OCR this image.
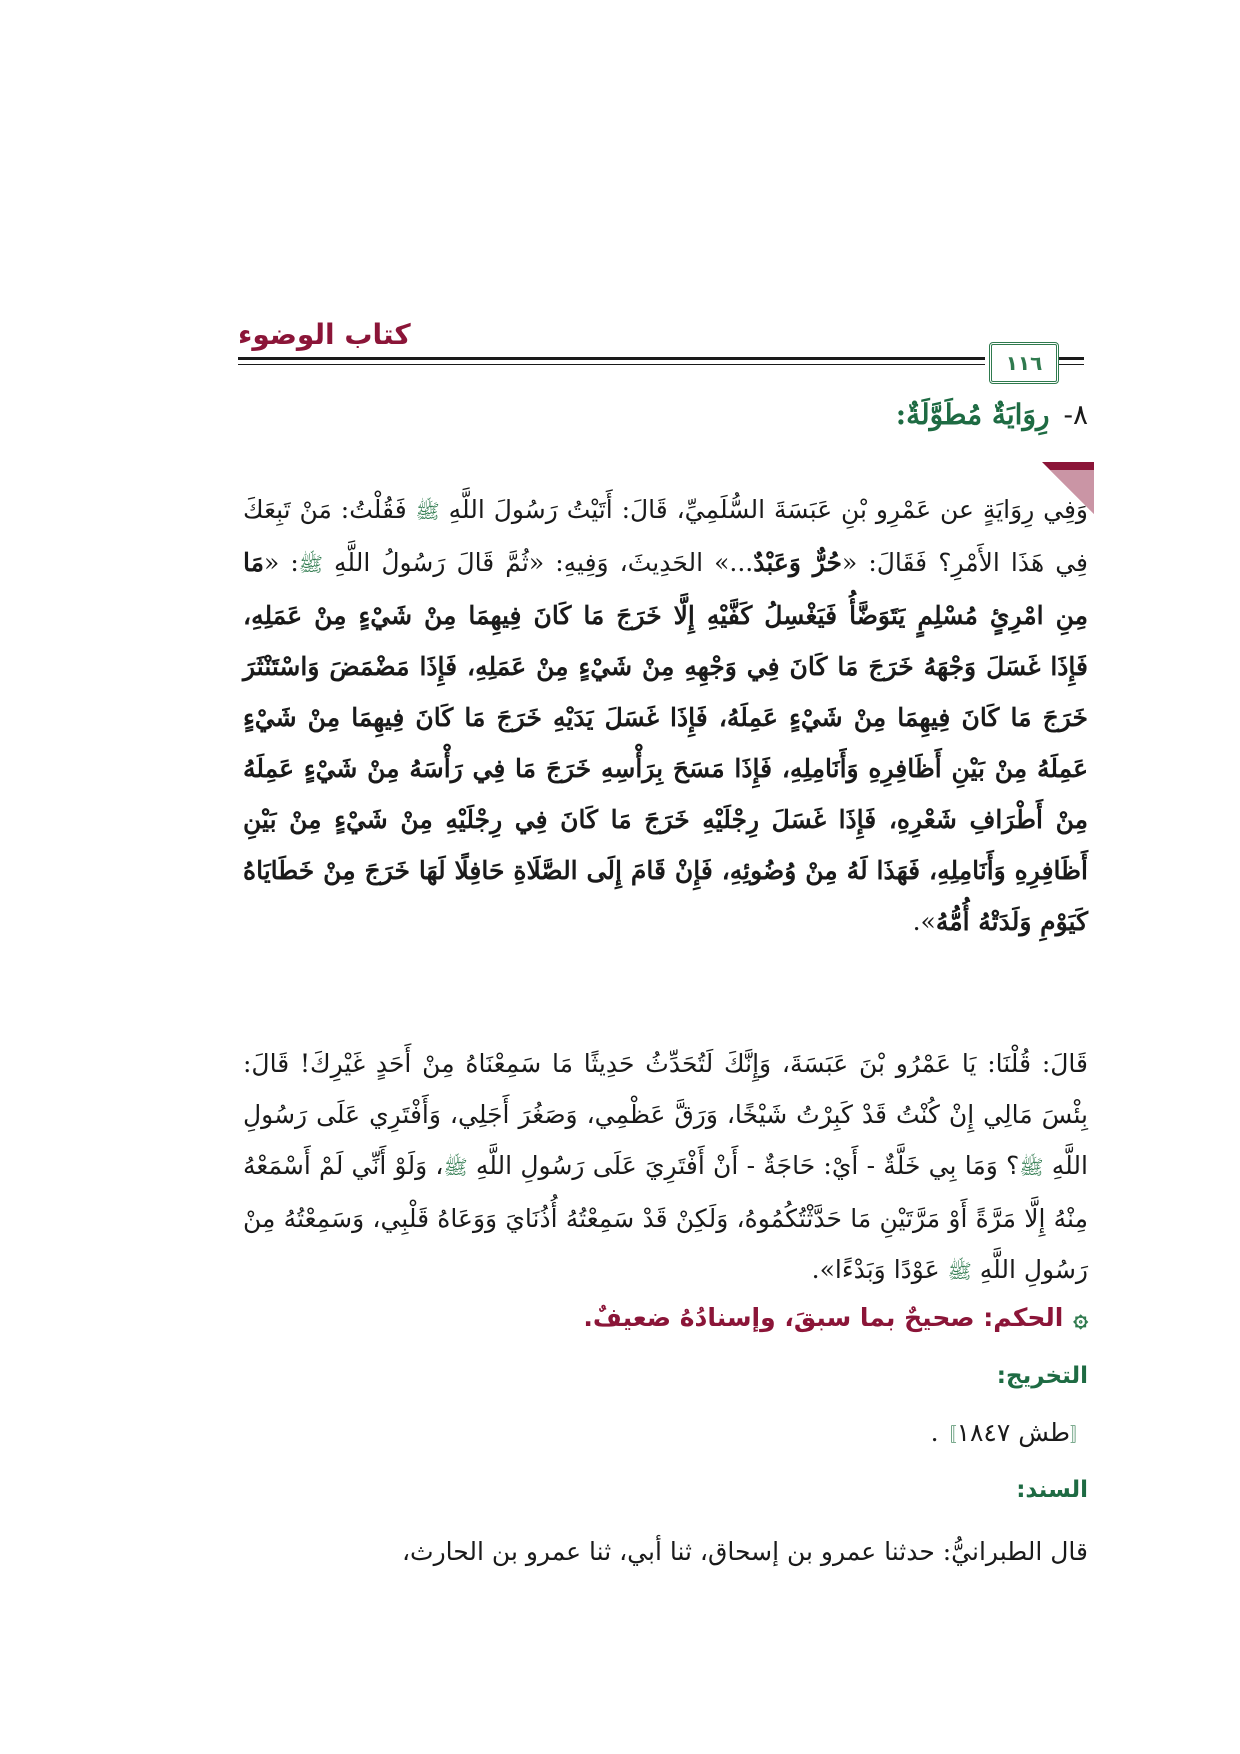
كتاب الوضوء
١١٦
٨-رِوَايَةٌ مُطَوَّلَةٌ:
وَفِي رِوَايَةٍ عن عَمْرِو بْنِ عَبَسَةَ السُّلَمِيِّ، قَالَ: أَتَيْتُ رَسُولَ اللَّهِ ﷺ فَقُلْتُ: مَنْ تَبِعَكَ فِي هَذَا الأَمْرِ؟ فَقَالَ: «حُرٌّ وَعَبْدٌ...» الحَدِيثَ، وَفِيهِ: «ثُمَّ قَالَ رَسُولُ اللَّهِ ﷺ: «مَا مِنِ امْرِئٍ مُسْلِمٍ يَتَوَضَّأُ فَيَغْسِلُ كَفَّيْهِ إِلَّا خَرَجَ مَا كَانَ فِيهِمَا مِنْ شَيْءٍ مِنْ عَمَلِهِ، فَإِذَا غَسَلَ وَجْهَهُ خَرَجَ مَا كَانَ فِي وَجْهِهِ مِنْ شَيْءٍ مِنْ عَمَلِهِ، فَإِذَا مَضْمَضَ وَاسْتَنْثَرَ خَرَجَ مَا كَانَ فِيهِمَا مِنْ شَيْءٍ عَمِلَهُ، فَإِذَا غَسَلَ يَدَيْهِ خَرَجَ مَا كَانَ فِيهِمَا مِنْ شَيْءٍ عَمِلَهُ مِنْ بَيْنِ أَظَافِرِهِ وَأَنَامِلِهِ، فَإِذَا مَسَحَ بِرَأْسِهِ خَرَجَ مَا فِي رَأْسَهُ مِنْ شَيْءٍ عَمِلَهُ مِنْ أَطْرَافِ شَعْرِهِ، فَإِذَا غَسَلَ رِجْلَيْهِ خَرَجَ مَا كَانَ فِي رِجْلَيْهِ مِنْ شَيْءٍ مِنْ بَيْنِ أَظَافِرِهِ وَأَنَامِلِهِ، فَهَذَا لَهُ مِنْ وُضُوئِهِ، فَإِنْ قَامَ إِلَى الصَّلَاةِ حَافِلًا لَهَا خَرَجَ مِنْ خَطَايَاهُ كَيَوْمِ وَلَدَتْهُ أُمُّهُ».
قَالَ: قُلْنَا: يَا عَمْرُو بْنَ عَبَسَةَ، وَإِنَّكَ لَتُحَدِّثُ حَدِيثًا مَا سَمِعْنَاهُ مِنْ أَحَدٍ غَيْرِكَ! قَالَ: بِئْسَ مَالِي إِنْ كُنْتُ قَدْ كَبِرْتُ شَيْخًا، وَرَقَّ عَظْمِي، وَصَغُرَ أَجَلِي، وَأَفْتَرِي عَلَى رَسُولِ اللَّهِ ﷺ؟ وَمَا بِي خَلَّةٌ - أَيْ: حَاجَةٌ - أَنْ أَفْتَرِيَ عَلَى رَسُولِ اللَّهِ ﷺ، وَلَوْ أَنِّي لَمْ أَسْمَعْهُ مِنْهُ إِلَّا مَرَّةً أَوْ مَرَّتَيْنِ مَا حَدَّثْتُكُمُوهُ، وَلَكِنْ قَدْ سَمِعْتُهُ أُذُنَايَ وَوَعَاهُ قَلْبِي، وَسَمِعْتُهُ مِنْ رَسُولِ اللَّهِ ﷺ عَوْدًا وَبَدْءًا».
۞الحكم: صحيحٌ بما سبقَ، وإسنادُهُ ضعيفٌ.
التخريج:
〚طش ١٨٤٧〛.
السند:
قال الطبرانيُّ: حدثنا عمرو بن إسحاق، ثنا أبي، ثنا عمرو بن الحارث،
